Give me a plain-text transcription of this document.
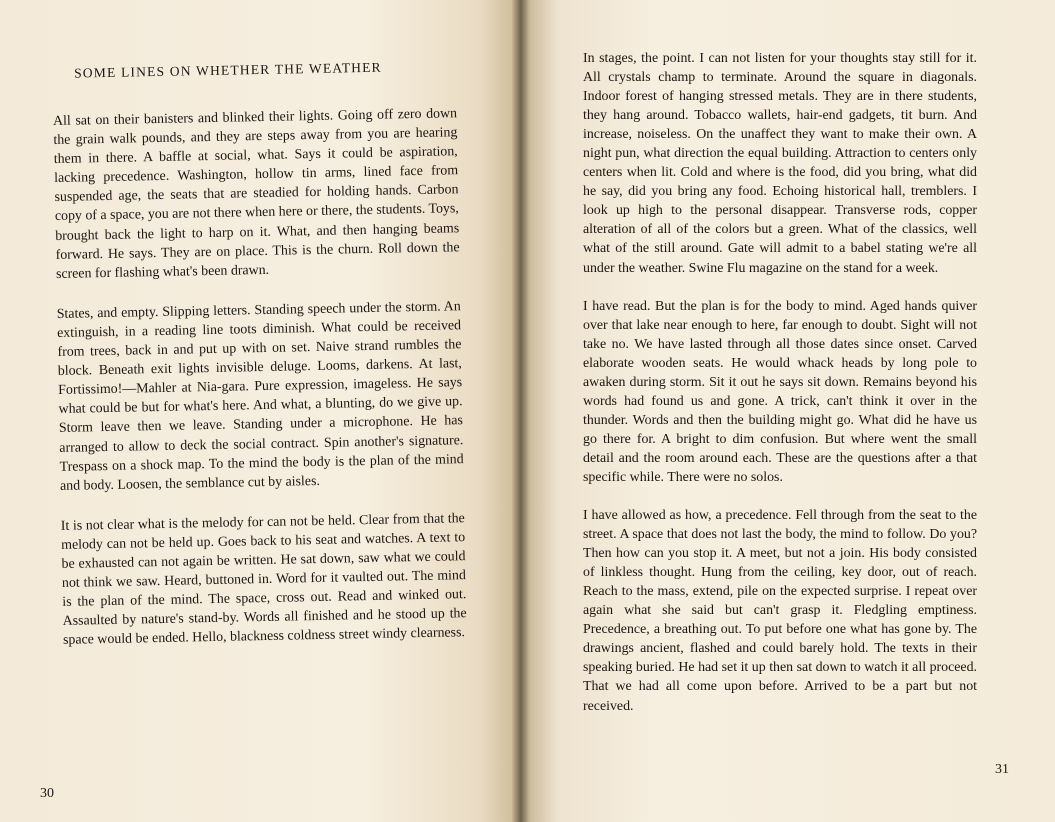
SOME LINES ON WHETHER THE WEATHER

All sat on their banisters and blinked their lights. Going off zero down the grain walk pounds, and they are steps away from you are hearing them in there. A baffle at social, what. Says it could be aspiration, lacking precedence. Washington, hollow tin arms, lined face from suspended age, the seats that are steadied for holding hands. Carbon copy of a space, you are not there when here or there, the students. Toys, brought back the light to harp on it. What, and then hanging beams forward. He says. They are on place. This is the churn. Roll down the screen for flashing what's been drawn.

States, and empty. Slipping letters. Standing speech under the storm. An extinguish, in a reading line toots diminish. What could be received from trees, back in and put up with on set. Naive strand rumbles the block. Beneath exit lights invisible deluge. Looms, darkens. At last, Fortissimo!—Mahler at Nia-gara. Pure expression, imageless. He says what could be but for what's here. And what, a blunting, do we give up. Storm leave then we leave. Standing under a microphone. He has arranged to allow to deck the social contract. Spin another's signature. Trespass on a shock map. To the mind the body is the plan of the mind and body. Loosen, the semblance cut by aisles.

It is not clear what is the melody for can not be held. Clear from that the melody can not be held up. Goes back to his seat and watches. A text to be exhausted can not again be written. He sat down, saw what we could not think we saw. Heard, buttoned in. Word for it vaulted out. The mind is the plan of the mind. The space, cross out. Read and winked out. Assaulted by nature's stand-by. Words all finished and he stood up the space would be ended. Hello, blackness coldness street windy clearness.

In stages, the point. I can not listen for your thoughts stay still for it. All crystals champ to terminate. Around the square in diagonals. Indoor forest of hanging stressed metals. They are in there students, they hang around. Tobacco wallets, hair-end gadgets, tit burn. And increase, noiseless. On the unaffect they want to make their own. A night pun, what direction the equal building. Attraction to centers only centers when lit. Cold and where is the food, did you bring, what did he say, did you bring any food. Echoing historical hall, tremblers. I look up high to the personal disappear. Transverse rods, copper alteration of all of the colors but a green. What of the classics, well what of the still around. Gate will admit to a babel stating we're all under the weather. Swine Flu magazine on the stand for a week.

I have read. But the plan is for the body to mind. Aged hands quiver over that lake near enough to here, far enough to doubt. Sight will not take no. We have lasted through all those dates since onset. Carved elaborate wooden seats. He would whack heads by long pole to awaken during storm. Sit it out he says sit down. Remains beyond his words had found us and gone. A trick, can't think it over in the thunder. Words and then the building might go. What did he have us go there for. A bright to dim confusion. But where went the small detail and the room around each. These are the questions after a that specific while. There were no solos.

I have allowed as how, a precedence. Fell through from the seat to the street. A space that does not last the body, the mind to follow. Do you? Then how can you stop it. A meet, but not a join. His body consisted of linkless thought. Hung from the ceiling, key door, out of reach. Reach to the mass, extend, pile on the expected surprise. I repeat over again what she said but can't grasp it. Fledgling emptiness. Precedence, a breathing out. To put before one what has gone by. The drawings ancient, flashed and could barely hold. The texts in their speaking buried. He had set it up then sat down to watch it all proceed. That we had all come upon before. Arrived to be a part but not received.

30
31
